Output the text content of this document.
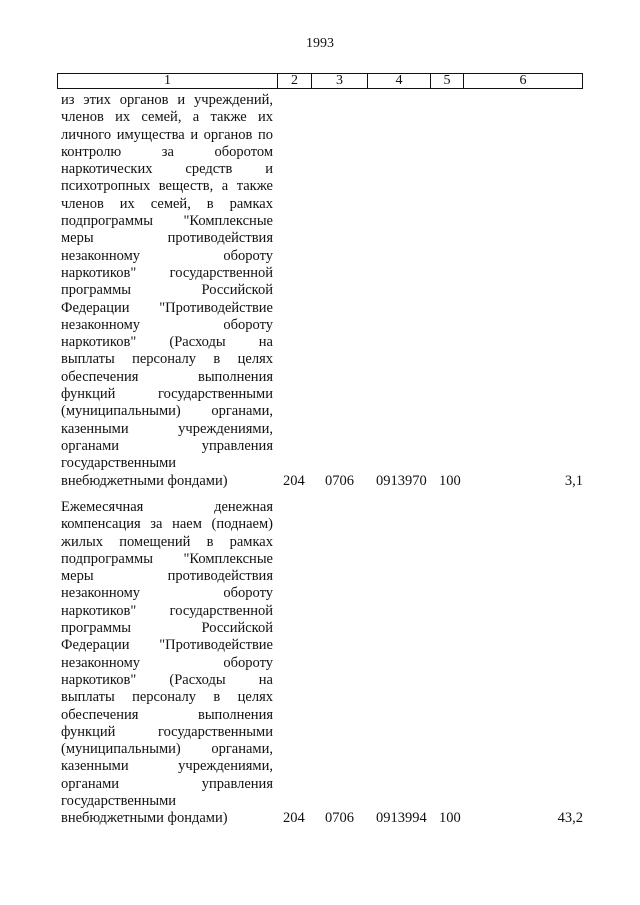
1993
1	2	3	4	5	6
из этих органов и учреждений,
членов их семей, а также их
личного имущества и органов по
контролю за оборотом
наркотических средств и
психотропных веществ, а также
членов их семей, в рамках
подпрограммы "Комплексные
меры противодействия
незаконному обороту
наркотиков" государственной
программы Российской
Федерации "Противодействие
незаконному обороту
наркотиков" (Расходы на
выплаты персоналу в целях
обеспечения выполнения
функций государственными
(муниципальными) органами,
казенными учреждениями,
органами управления
государственными
внебюджетными фондами)	204 0706 0913970 100	3,1
Ежемесячная денежная
компенсация за наем (поднаем)
жилых помещений в рамках
подпрограммы "Комплексные
меры противодействия
незаконному обороту
наркотиков" государственной
программы Российской
Федерации "Противодействие
незаконному обороту
наркотиков" (Расходы на
выплаты персоналу в целях
обеспечения выполнения
функций государственными
(муниципальными) органами,
казенными учреждениями,
органами управления
государственными
внебюджетными фондами)	204 0706 0913994 100	43,2
